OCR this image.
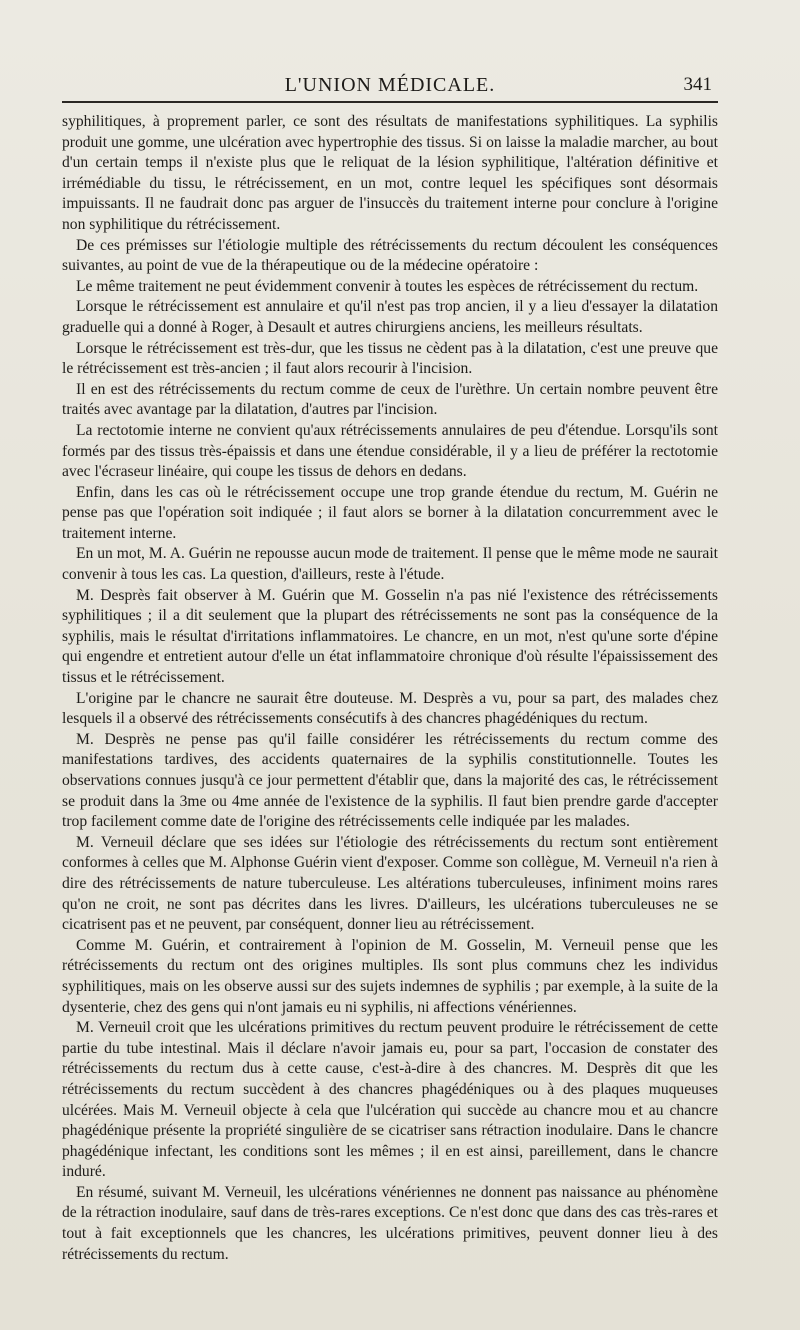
L'UNION MÉDICALE.	341

syphilitiques, à proprement parler, ce sont des résultats de manifestations syphilitiques. La syphilis produit une gomme, une ulcération avec hypertrophie des tissus. Si on laisse la maladie marcher, au bout d'un certain temps il n'existe plus que le reliquat de la lésion syphilitique, l'altération définitive et irrémédiable du tissu, le rétrécissement, en un mot, contre lequel les spécifiques sont désormais impuissants. Il ne faudrait donc pas arguer de l'insuccès du traitement interne pour conclure à l'origine non syphilitique du rétrécissement.

De ces prémisses sur l'étiologie multiple des rétrécissements du rectum découlent les conséquences suivantes, au point de vue de la thérapeutique ou de la médecine opératoire :

Le même traitement ne peut évidemment convenir à toutes les espèces de rétrécissement du rectum.

Lorsque le rétrécissement est annulaire et qu'il n'est pas trop ancien, il y a lieu d'essayer la dilatation graduelle qui a donné à Roger, à Desault et autres chirurgiens anciens, les meilleurs résultats.

Lorsque le rétrécissement est très-dur, que les tissus ne cèdent pas à la dilatation, c'est une preuve que le rétrécissement est très-ancien ; il faut alors recourir à l'incision.

Il en est des rétrécissements du rectum comme de ceux de l'urèthre. Un certain nombre peuvent être traités avec avantage par la dilatation, d'autres par l'incision.

La rectotomie interne ne convient qu'aux rétrécissements annulaires de peu d'étendue. Lorsqu'ils sont formés par des tissus très-épaissis et dans une étendue considérable, il y a lieu de préférer la rectotomie avec l'écraseur linéaire, qui coupe les tissus de dehors en dedans.

Enfin, dans les cas où le rétrécissement occupe une trop grande étendue du rectum, M. Guérin ne pense pas que l'opération soit indiquée ; il faut alors se borner à la dilatation concurremment avec le traitement interne.

En un mot, M. A. Guérin ne repousse aucun mode de traitement. Il pense que le même mode ne saurait convenir à tous les cas. La question, d'ailleurs, reste à l'étude.

M. Desprès fait observer à M. Guérin que M. Gosselin n'a pas nié l'existence des rétrécissements syphilitiques ; il a dit seulement que la plupart des rétrécissements ne sont pas la conséquence de la syphilis, mais le résultat d'irritations inflammatoires. Le chancre, en un mot, n'est qu'une sorte d'épine qui engendre et entretient autour d'elle un état inflammatoire chronique d'où résulte l'épaississement des tissus et le rétrécissement.

L'origine par le chancre ne saurait être douteuse. M. Desprès a vu, pour sa part, des malades chez lesquels il a observé des rétrécissements consécutifs à des chancres phagédéniques du rectum.

M. Desprès ne pense pas qu'il faille considérer les rétrécissements du rectum comme des manifestations tardives, des accidents quaternaires de la syphilis constitutionnelle. Toutes les observations connues jusqu'à ce jour permettent d'établir que, dans la majorité des cas, le rétrécissement se produit dans la 3me ou 4me année de l'existence de la syphilis. Il faut bien prendre garde d'accepter trop facilement comme date de l'origine des rétrécissements celle indiquée par les malades.

M. Verneuil déclare que ses idées sur l'étiologie des rétrécissements du rectum sont entièrement conformes à celles que M. Alphonse Guérin vient d'exposer. Comme son collègue, M. Verneuil n'a rien à dire des rétrécissements de nature tuberculeuse. Les altérations tuberculeuses, infiniment moins rares qu'on ne croit, ne sont pas décrites dans les livres. D'ailleurs, les ulcérations tuberculeuses ne se cicatrisent pas et ne peuvent, par conséquent, donner lieu au rétrécissement.

Comme M. Guérin, et contrairement à l'opinion de M. Gosselin, M. Verneuil pense que les rétrécissements du rectum ont des origines multiples. Ils sont plus communs chez les individus syphilitiques, mais on les observe aussi sur des sujets indemnes de syphilis ; par exemple, à la suite de la dysenterie, chez des gens qui n'ont jamais eu ni syphilis, ni affections vénériennes.

M. Verneuil croit que les ulcérations primitives du rectum peuvent produire le rétrécissement de cette partie du tube intestinal. Mais il déclare n'avoir jamais eu, pour sa part, l'occasion de constater des rétrécissements du rectum dus à cette cause, c'est-à-dire à des chancres. M. Desprès dit que les rétrécissements du rectum succèdent à des chancres phagédéniques ou à des plaques muqueuses ulcérées. Mais M. Verneuil objecte à cela que l'ulcération qui succède au chancre mou et au chancre phagédénique présente la propriété singulière de se cicatriser sans rétraction inodulaire. Dans le chancre phagédénique infectant, les conditions sont les mêmes ; il en est ainsi, pareillement, dans le chancre induré.

En résumé, suivant M. Verneuil, les ulcérations vénériennes ne donnent pas naissance au phénomène de la rétraction inodulaire, sauf dans de très-rares exceptions. Ce n'est donc que dans des cas très-rares et tout à fait exceptionnels que les chancres, les ulcérations primitives, peuvent donner lieu à des rétrécissements du rectum.
